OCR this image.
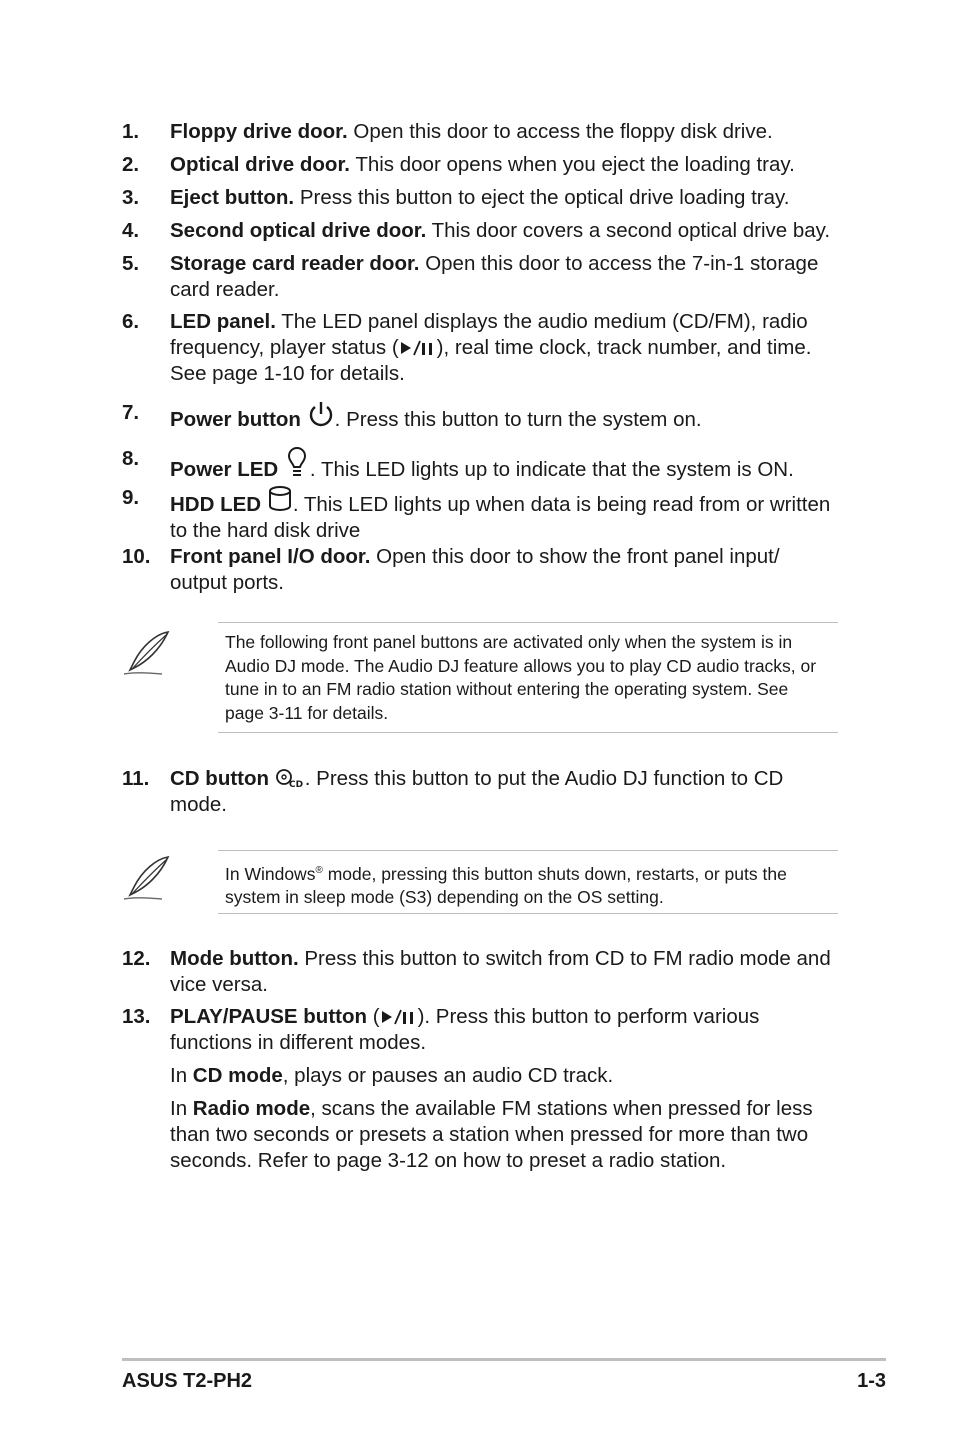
1. Floppy drive door. Open this door to access the floppy disk drive.
2. Optical drive door. This door opens when you eject the loading tray.
3. Eject button. Press this button to eject the optical drive loading tray.
4. Second optical drive door. This door covers a second optical drive bay.
5. Storage card reader door. Open this door to access the 7-in-1 storage card reader.
6. LED panel. The LED panel displays the audio medium (CD/FM), radio frequency, player status ( ), real time clock, track number, and time. See page 1-10 for details.
7. Power button . Press this button to turn the system on.
8. Power LED . This LED lights up to indicate that the system is ON.
9. HDD LED . This LED lights up when data is being read from or written to the hard disk drive
10. Front panel I/O door. Open this door to show the front panel input/ output ports.
The following front panel buttons are activated only when the system is in Audio DJ mode. The Audio DJ feature allows you to play CD audio tracks, or tune in to an FM radio station without entering the operating system. See page 3-11 for details.
11. CD button CD . Press this button to put the Audio DJ function to CD mode.
In Windows® mode, pressing this button shuts down, restarts, or puts the system in sleep mode (S3) depending on the OS setting.
12. Mode button. Press this button to switch from CD to FM radio mode and vice versa.
13. PLAY/PAUSE button ( ). Press this button to perform various functions in different modes.
In CD mode, plays or pauses an audio CD track.
In Radio mode, scans the available FM stations when pressed for less than two seconds or presets a station when pressed for more than two seconds. Refer to page 3-12 on how to preset a radio station.
ASUS T2-PH2	1-3
